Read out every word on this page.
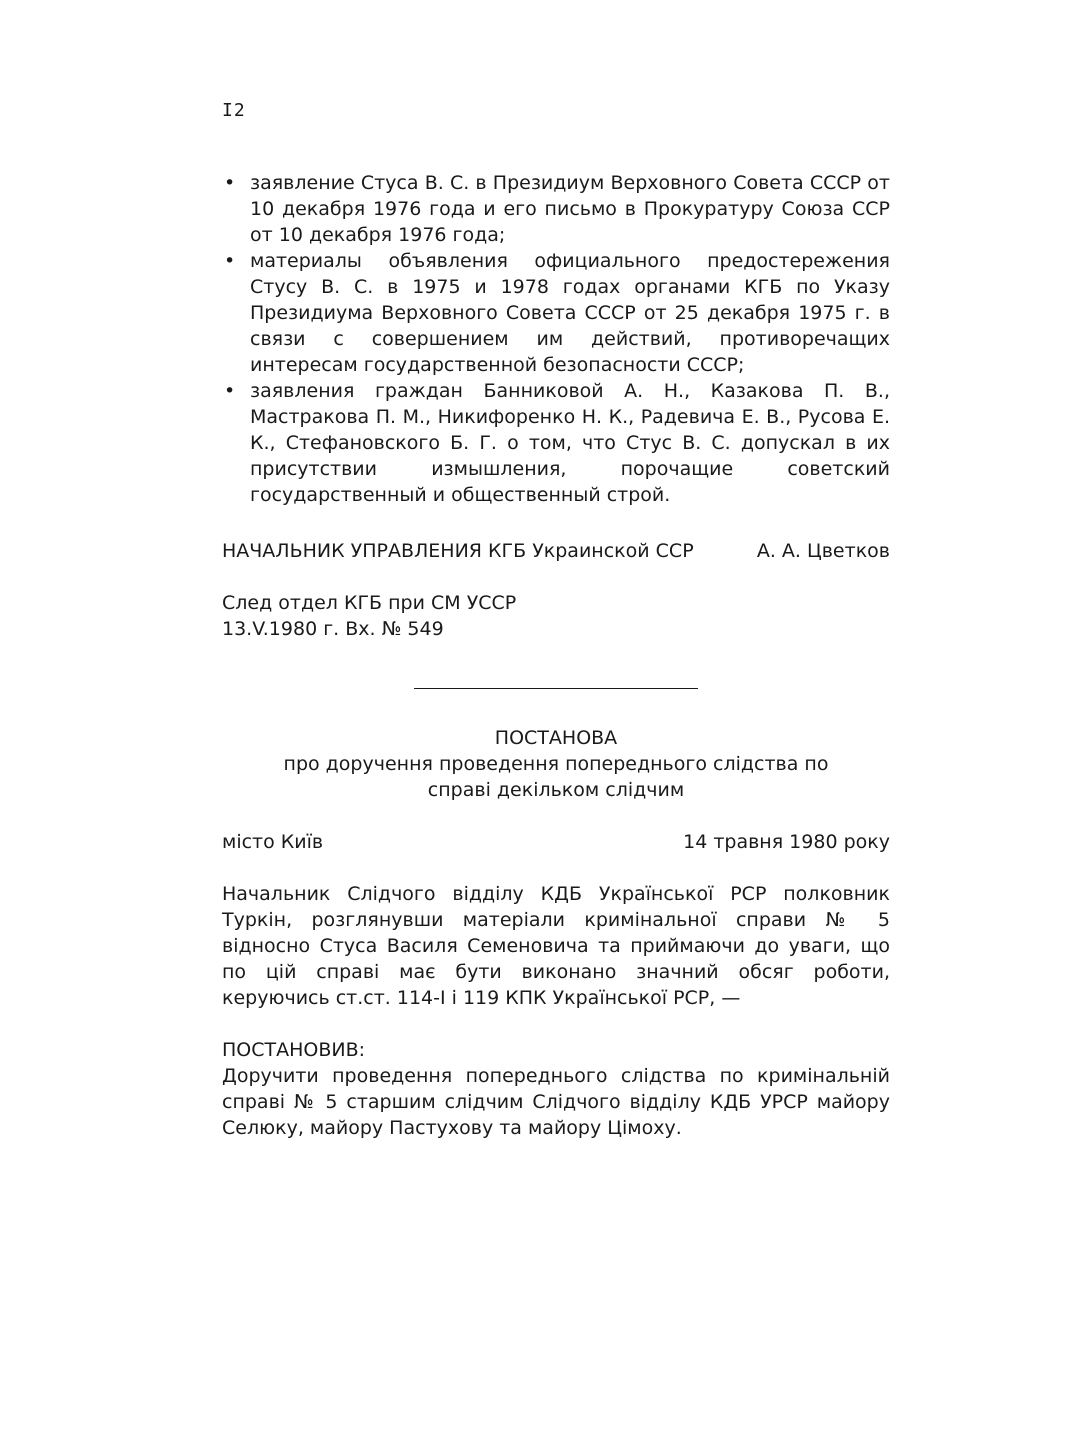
I2
• заявление Стуса В. С. в Президиум Верховного Совета СССР от 10 декабря 1976 года и его письмо в Прокуратуру Союза ССР от 10 декабря 1976 года;
• материалы объявления официального предостережения Стусу В. С. в 1975 и 1978 годах органами КГБ по Указу Президиума Верховного Совета СССР от 25 декабря 1975 г. в связи с совершением им действий, противоречащих интересам государственной безопасности СССР;
• заявления граждан Банниковой А. Н., Казакова П. В., Мастракова П. М., Никифоренко Н. К., Радевича Е. В., Русова Е. К., Стефановского Б. Г. о том, что Стус В. С. допускал в их присутствии измышления, порочащие советский государственный и общественный строй.
НАЧАЛЬНИК УПРАВЛЕНИЯ КГБ Украинской ССР	А. А. Цветков
След отдел КГБ при СМ УССР
13.V.1980 г. Вх. № 549
ПОСТАНОВА
про доручення проведення попереднього слідства по справі декільком слідчим
місто Київ	14 травня 1980 року
Начальник Слідчого відділу КДБ Української РСР полковник Туркін, розглянувши матеріали кримінальної справи № 5 відносно Стуса Василя Семеновича та приймаючи до уваги, що по цій справі має бути виконано значний обсяг роботи, керуючись ст.ст. 114-І і 119 КПК Української РСР, —
ПОСТАНОВИВ:
Доручити проведення попереднього слідства по кримінальній справі № 5 старшим слідчим Слідчого відділу КДБ УРСР майору Селюку, майору Пастухову та майору Цімоху.
